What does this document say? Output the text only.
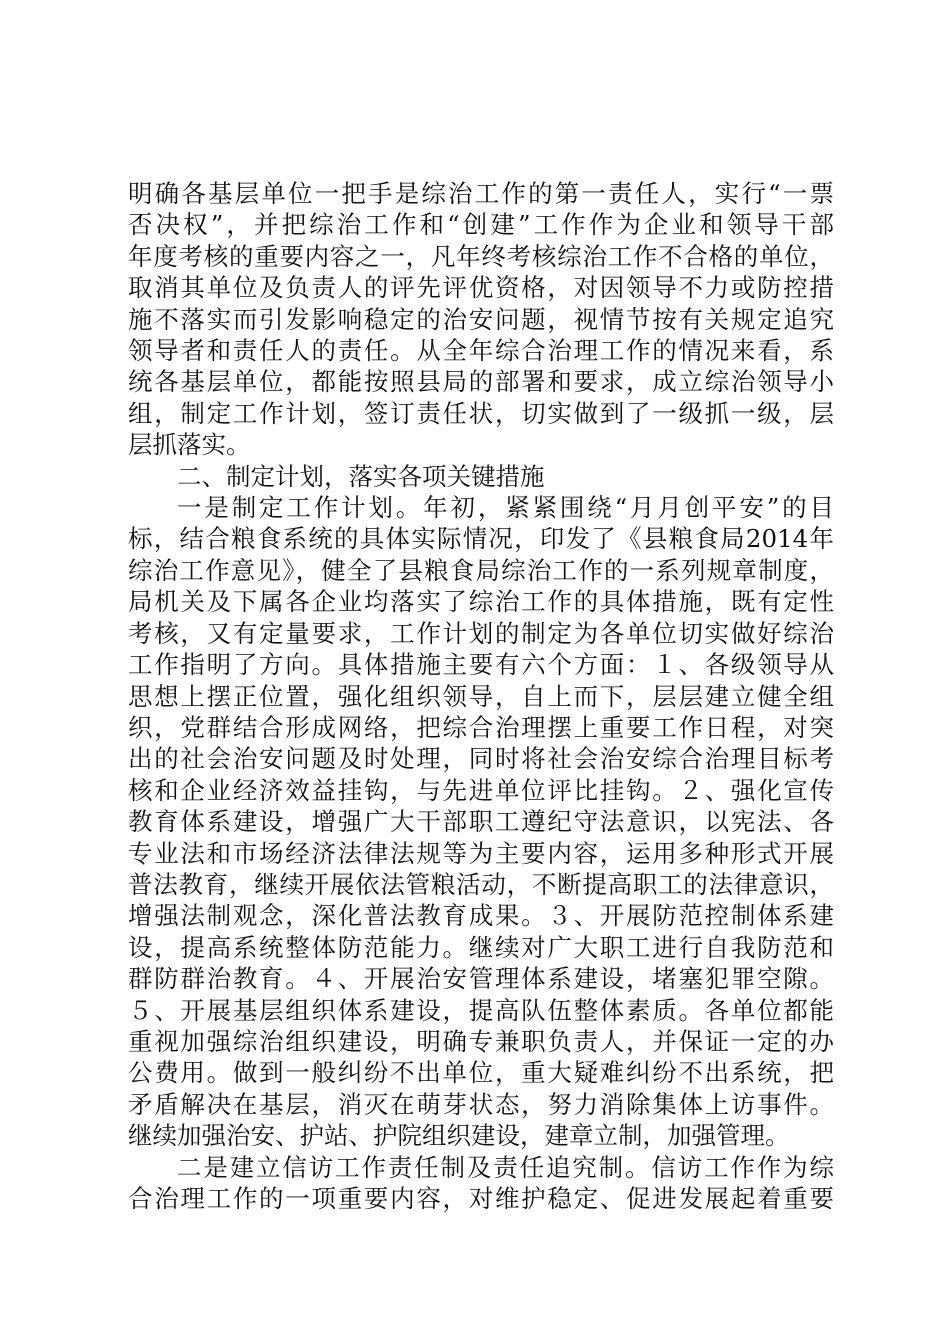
明确各基层单位一把手是综治工作的第一责任人，实行“一票

否决权”，并把综治工作和“创建”工作作为企业和领导干部

年度考核的重要内容之一，凡年终考核综治工作不合格的单位，

取消其单位及负责人的评先评优资格，对因领导不力或防控措

施不落实而引发影响稳定的治安问题，视情节按有关规定追究

领导者和责任人的责任。从全年综合治理工作的情况来看，系

统各基层单位，都能按照县局的部署和要求，成立综治领导小

组，制定工作计划，签订责任状，切实做到了一级抓一级，层

层抓落实。

二、制定计划，落实各项关键措施

一是制定工作计划。年初，紧紧围绕“月月创平安”的目

标，结合粮食系统的具体实际情况，印发了《县粮食局2014年

综治工作意见》，健全了县粮食局综治工作的一系列规章制度，

局机关及下属各企业均落实了综治工作的具体措施，既有定性

考核，又有定量要求，工作计划的制定为各单位切实做好综治

工作指明了方向。具体措施主要有六个方面：１、各级领导从

思想上摆正位置，强化组织领导，自上而下，层层建立健全组

织，党群结合形成网络，把综合治理摆上重要工作日程，对突

出的社会治安问题及时处理，同时将社会治安综合治理目标考

核和企业经济效益挂钩，与先进单位评比挂钩。２、强化宣传

教育体系建设，增强广大干部职工遵纪守法意识，以宪法、各

专业法和市场经济法律法规等为主要内容，运用多种形式开展

普法教育，继续开展依法管粮活动，不断提高职工的法律意识，

增强法制观念，深化普法教育成果。３、开展防范控制体系建

设，提高系统整体防范能力。继续对广大职工进行自我防范和

群防群治教育。４、开展治安管理体系建设，堵塞犯罪空隙。

５、开展基层组织体系建设，提高队伍整体素质。各单位都能

重视加强综治组织建设，明确专兼职负责人，并保证一定的办

公费用。做到一般纠纷不出单位，重大疑难纠纷不出系统，把

矛盾解决在基层，消灭在萌芽状态，努力消除集体上访事件。

继续加强治安、护站、护院组织建设，建章立制，加强管理。

二是建立信访工作责任制及责任追究制。信访工作作为综

合治理工作的一项重要内容，对维护稳定、促进发展起着重要
